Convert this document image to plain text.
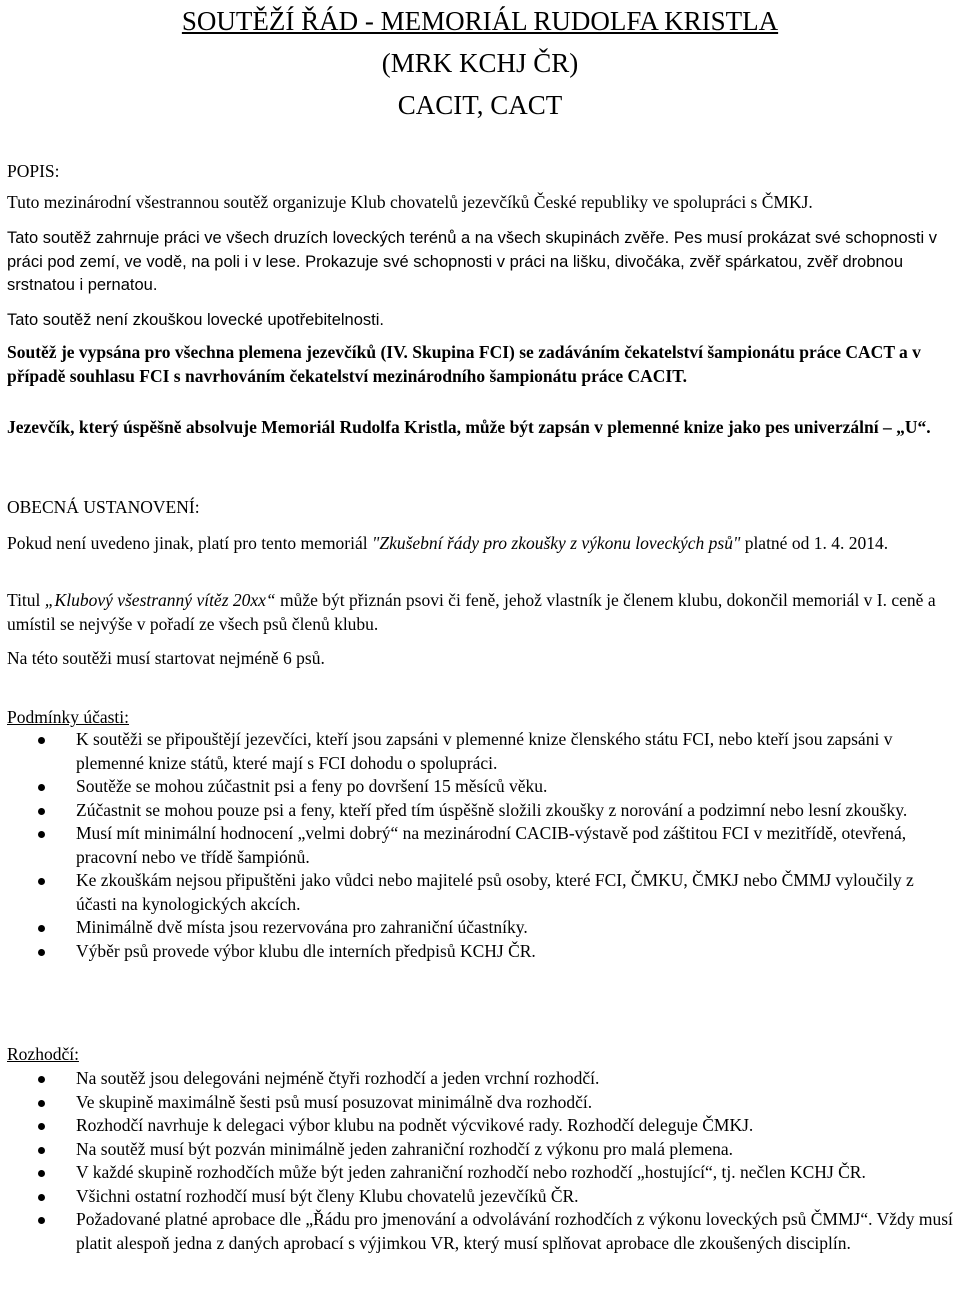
SOUTĚŽÍ ŘÁD - MEMORIÁL RUDOLFA KRISTLA
(MRK KCHJ ČR)
CACIT, CACT
POPIS:
Tuto mezinárodní všestrannou soutěž organizuje Klub chovatelů jezevčíků České republiky ve spolupráci s ČMKJ.
Tato soutěž zahrnuje práci ve všech druzích loveckých terénů a na všech skupinách zvěře. Pes musí prokázat své schopnosti v práci pod zemí, ve vodě, na poli i v lese. Prokazuje své schopnosti v práci na lišku, divočáka, zvěř spárkatou, zvěř drobnou srstnatou i pernatou.
Tato soutěž není zkouškou lovecké upotřebitelnosti.
Soutěž je vypsána pro všechna plemena jezevčíků (IV. Skupina FCI) se zadáváním čekatelství šampionátu práce CACT a v případě souhlasu FCI s navrhováním čekatelství mezinárodního šampionátu práce CACIT.
Jezevčík, který úspěšně absolvuje Memoriál Rudolfa Kristla, může být zapsán v plemenné knize jako pes univerzální – „U“.
OBECNÁ USTANOVENÍ:
Pokud není uvedeno jinak, platí pro tento memoriál "Zkušební řády pro zkoušky z výkonu loveckých psů" platné od 1. 4. 2014.
Titul „Klubový všestranný vítěz 20xx“ může být přiznán psovi či feně, jehož vlastník je členem klubu, dokončil memoriál v I. ceně a umístil se nejvýše v pořadí ze všech psů členů klubu.
Na této soutěži musí startovat nejméně 6 psů.
Podmínky účasti:
K soutěži se připouštějí jezevčíci, kteří jsou zapsáni v plemenné knize členského státu FCI, nebo kteří jsou zapsáni v plemenné knize států, které mají s FCI dohodu o spolupráci.
Soutěže se mohou zúčastnit psi a feny po dovršení 15 měsíců věku.
Zúčastnit se mohou pouze psi a feny, kteří před tím úspěšně složili zkoušky z norování a podzimní nebo lesní zkoušky.
Musí mít minimální hodnocení „velmi dobrý“ na mezinárodní CACIB-výstavě pod záštitou FCI v mezitřídě, otevřená, pracovní nebo ve třídě šampiónů.
Ke zkouškám nejsou připuštěni jako vůdci nebo majitelé psů osoby, které FCI, ČMKU, ČMKJ nebo ČMMJ vyloučily z účasti na kynologických akcích.
Minimálně dvě místa jsou rezervována pro zahraniční účastníky.
Výběr psů provede výbor klubu dle interních předpisů KCHJ ČR.
Rozhodčí:
Na soutěž jsou delegováni nejméně čtyři rozhodčí a jeden vrchní rozhodčí.
Ve skupině maximálně šesti psů musí posuzovat minimálně dva rozhodčí.
Rozhodčí navrhuje k delegaci výbor klubu na podnět výcvikové rady. Rozhodčí deleguje ČMKJ.
Na soutěž musí být pozván minimálně jeden zahraniční rozhodčí z výkonu pro malá plemena.
V každé skupině rozhodčích může být jeden zahraniční rozhodčí nebo rozhodčí „hostující“, tj. nečlen KCHJ ČR.
Všichni ostatní rozhodčí musí být členy Klubu chovatelů jezevčíků ČR.
Požadované platné aprobace dle „Řádu pro jmenování a odvolávání rozhodčích z výkonu loveckých psů ČMMJ“. Vždy musí platit alespoň jedna z daných aprobací s výjimkou VR, který musí splňovat aprobace dle zkoušených disciplín.
